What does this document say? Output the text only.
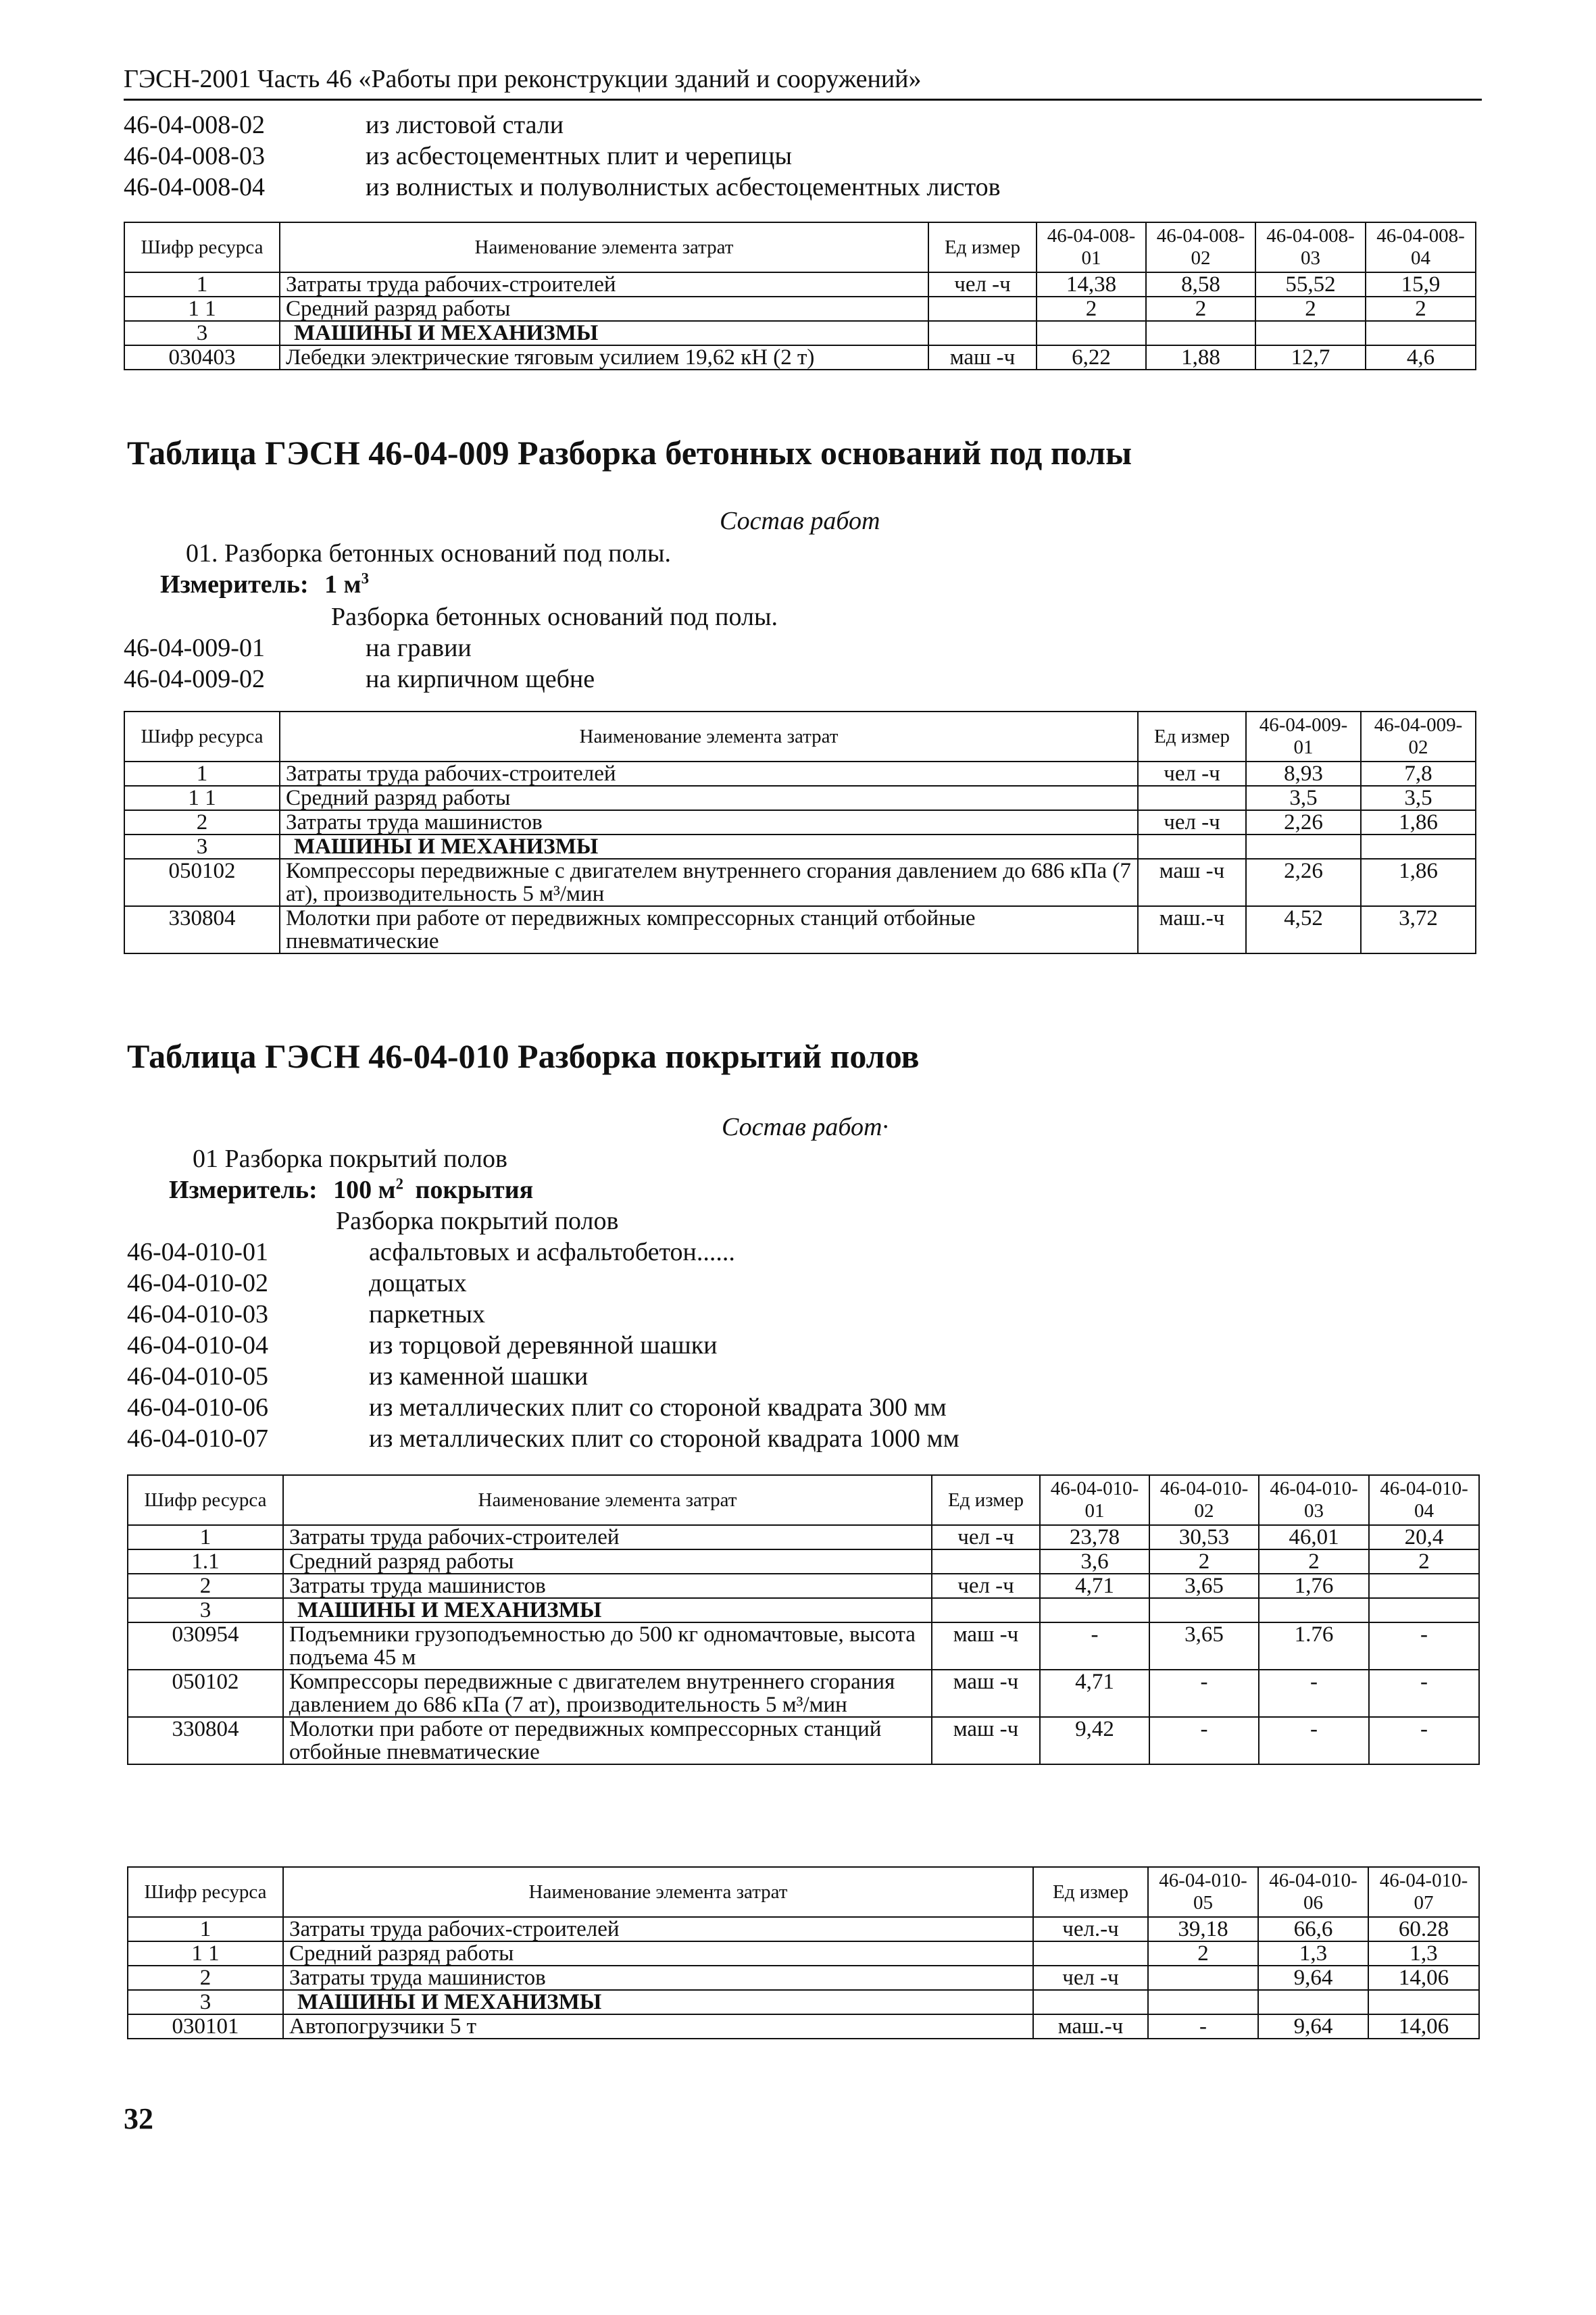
ГЭСН-2001 Часть 46 «Работы при реконструкции зданий и сооружений»
46-04-008-02	из листовой стали
46-04-008-03	из асбестоцементных плит и черепицы
46-04-008-04	из волнистых и полуволнистых асбестоцементных листов
Шифр ресурса	Наименование элемента затрат	Ед измер	46-04-008-01	46-04-008-02	46-04-008-03	46-04-008-04
1	Затраты труда рабочих-строителей	чел -ч	14,38	8,58	55,52	15,9
1 1	Средний разряд работы		2	2	2	2
3	МАШИНЫ И МЕХАНИЗМЫ					
030403	Лебедки электрические тяговым усилием 19,62 кН (2 т)	маш -ч	6,22	1,88	12,7	4,6
Таблица ГЭСН 46-04-009 Разборка бетонных оснований под полы
Состав работ
01. Разборка бетонных оснований под полы.
Измеритель: 1 $м^3$
Разборка бетонных оснований под полы.
46-04-009-01	на гравии
46-04-009-02	на кирпичном щебне
Шифр ресурса	Наименование элемента затрат	Ед измер	46-04-009-01	46-04-009-02
1	Затраты труда рабочих-строителей	чел -ч	8,93	7,8
1 1	Средний разряд работы		3,5	3,5
2	Затраты труда машинистов	чел -ч	2,26	1,86
3	МАШИНЫ И МЕХАНИЗМЫ			
050102	Компрессоры передвижные с двигателем внутреннего сгорания давлением до 686 кПа (7 ат), производительность 5 м³/мин	маш -ч	2,26	1,86
330804	Молотки при работе от передвижных компрессорных станций отбойные пневматические	маш.-ч	4,52	3,72
Таблица ГЭСН 46-04-010 Разборка покрытий полов
Состав работ·
01 Разборка покрытий полов
Измеритель: 100 $м^2$ покрытия
Разборка покрытий полов
46-04-010-01	асфальтовых и асфальтобетон......
46-04-010-02	дощатых
46-04-010-03	паркетных
46-04-010-04	из торцовой деревянной шашки
46-04-010-05	из каменной шашки
46-04-010-06	из металлических плит со стороной квадрата 300 мм
46-04-010-07	из металлических плит со стороной квадрата 1000 мм
Шифр ресурса	Наименование элемента затрат	Ед измер	46-04-010-01	46-04-010-02	46-04-010-03	46-04-010-04
1	Затраты труда рабочих-строителей	чел -ч	23,78	30,53	46,01	20,4
1.1	Средний разряд работы		3,6	2	2	2
2	Затраты труда машинистов	чел -ч	4,71	3,65	1,76	
3	МАШИНЫ И МЕХАНИЗМЫ					
030954	Подъемники грузоподъемностью до 500 кг одномачтовые, высота подъема 45 м	маш -ч	-	3,65	1.76	-
050102	Компрессоры передвижные с двигателем внутреннего сгорания давлением до 686 кПа (7 ат), производительность 5 м³/мин	маш -ч	4,71	-	-	-
330804	Молотки при работе от передвижных компрессорных станций отбойные пневматические	маш -ч	9,42	-	-	-
Шифр ресурса	Наименование элемента затрат	Ед измер	46-04-010-05	46-04-010-06	46-04-010-07
1	Затраты труда рабочих-строителей	чел.-ч	39,18	66,6	60.28
1 1	Средний разряд работы		2	1,3	1,3
2	Затраты труда машинистов	чел -ч		9,64	14,06
3	МАШИНЫ И МЕХАНИЗМЫ				
030101	Автопогрузчики 5 т	маш.-ч	-	9,64	14,06
32
